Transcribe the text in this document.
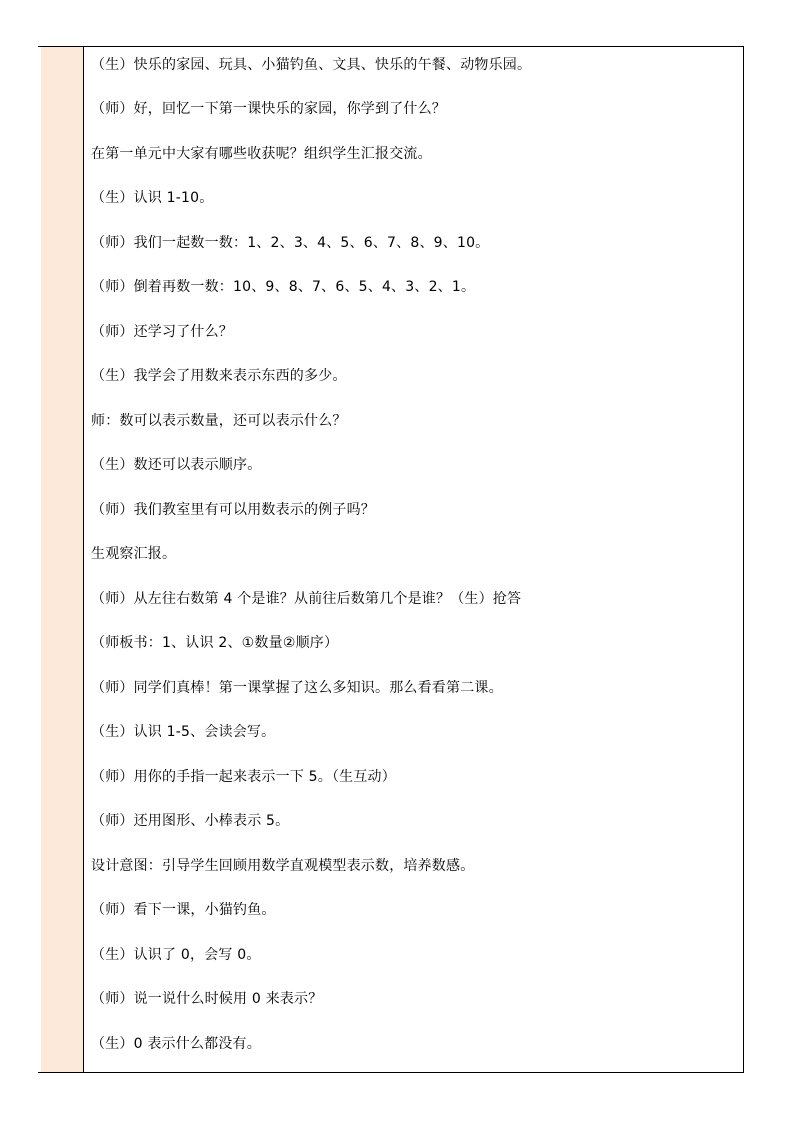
（生）快乐的家园、玩具、小猫钓鱼、文具、快乐的午餐、动物乐园。
（师）好，回忆一下第一课快乐的家园，你学到了什么？
在第一单元中大家有哪些收获呢？组织学生汇报交流。
（生）认识 1-10。
（师）我们一起数一数：1、2、3、4、5、6、7、8、9、10。
（师）倒着再数一数：10、9、8、7、6、5、4、3、2、1。
（师）还学习了什么？
（生）我学会了用数来表示东西的多少。
师：数可以表示数量，还可以表示什么？
（生）数还可以表示顺序。
（师）我们教室里有可以用数表示的例子吗？
生观察汇报。
（师）从左往右数第 4 个是谁？从前往后数第几个是谁？（生）抢答
（师板书：1、认识 2、①数量②顺序）
（师）同学们真棒！第一课掌握了这么多知识。那么看看第二课。
（生）认识 1-5、会读会写。
（师）用你的手指一起来表示一下 5。（生互动）
（师）还用图形、小棒表示 5。
设计意图：引导学生回顾用数学直观模型表示数，培养数感。
（师）看下一课，小猫钓鱼。
（生）认识了 0，会写 0。
（师）说一说什么时候用 0 来表示？
（生）0 表示什么都没有。
